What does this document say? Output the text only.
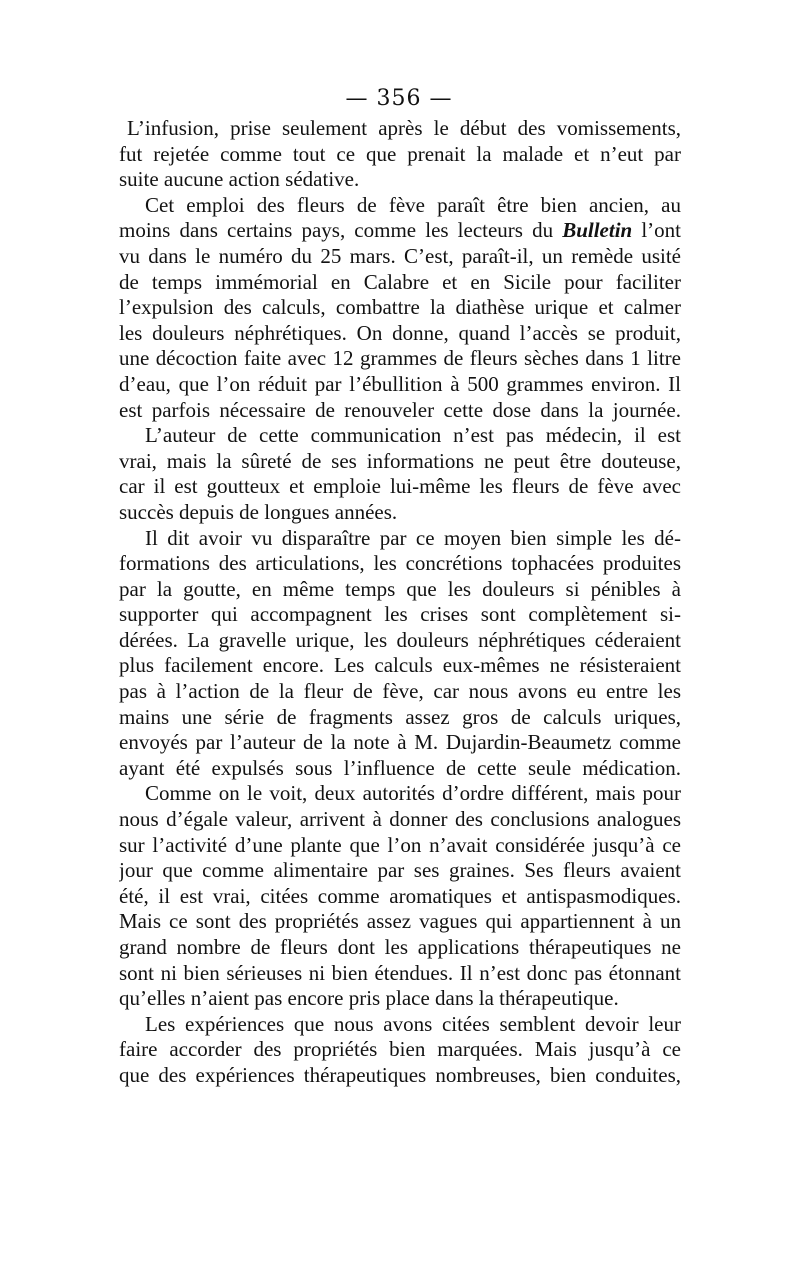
— 356 —
L’infusion, prise seulement après le début des vomissements,
fut rejetée comme tout ce que prenait la malade et n’eut par
suite aucune action sédative.
Cet emploi des fleurs de fève paraît être bien ancien, au
moins dans certains pays, comme les lecteurs du Bulletin l’ont
vu dans le numéro du 25 mars. C’est, paraît-il, un remède usité
de temps immémorial en Calabre et en Sicile pour faciliter
l’expulsion des calculs, combattre la diathèse urique et calmer
les douleurs néphrétiques. On donne, quand l’accès se produit,
une décoction faite avec 12 grammes de fleurs sèches dans 1 litre
d’eau, que l’on réduit par l’ébullition à 500 grammes environ. Il
est parfois nécessaire de renouveler cette dose dans la journée.
L’auteur de cette communication n’est pas médecin, il est
vrai, mais la sûreté de ses informations ne peut être douteuse,
car il est goutteux et emploie lui-même les fleurs de fève avec
succès depuis de longues années.
Il dit avoir vu disparaître par ce moyen bien simple les dé-
formations des articulations, les concrétions tophacées produites
par la goutte, en même temps que les douleurs si pénibles à
supporter qui accompagnent les crises sont complètement si-
dérées. La gravelle urique, les douleurs néphrétiques céderaient
plus facilement encore. Les calculs eux-mêmes ne résisteraient
pas à l’action de la fleur de fève, car nous avons eu entre les
mains une série de fragments assez gros de calculs uriques,
envoyés par l’auteur de la note à M. Dujardin-Beaumetz comme
ayant été expulsés sous l’influence de cette seule médication.
Comme on le voit, deux autorités d’ordre différent, mais pour
nous d’égale valeur, arrivent à donner des conclusions analogues
sur l’activité d’une plante que l’on n’avait considérée jusqu’à ce
jour que comme alimentaire par ses graines. Ses fleurs avaient
été, il est vrai, citées comme aromatiques et antispasmodiques.
Mais ce sont des propriétés assez vagues qui appartiennent à un
grand nombre de fleurs dont les applications thérapeutiques ne
sont ni bien sérieuses ni bien étendues. Il n’est donc pas étonnant
qu’elles n’aient pas encore pris place dans la thérapeutique.
Les expériences que nous avons citées semblent devoir leur
faire accorder des propriétés bien marquées. Mais jusqu’à ce
que des expériences thérapeutiques nombreuses, bien conduites,
